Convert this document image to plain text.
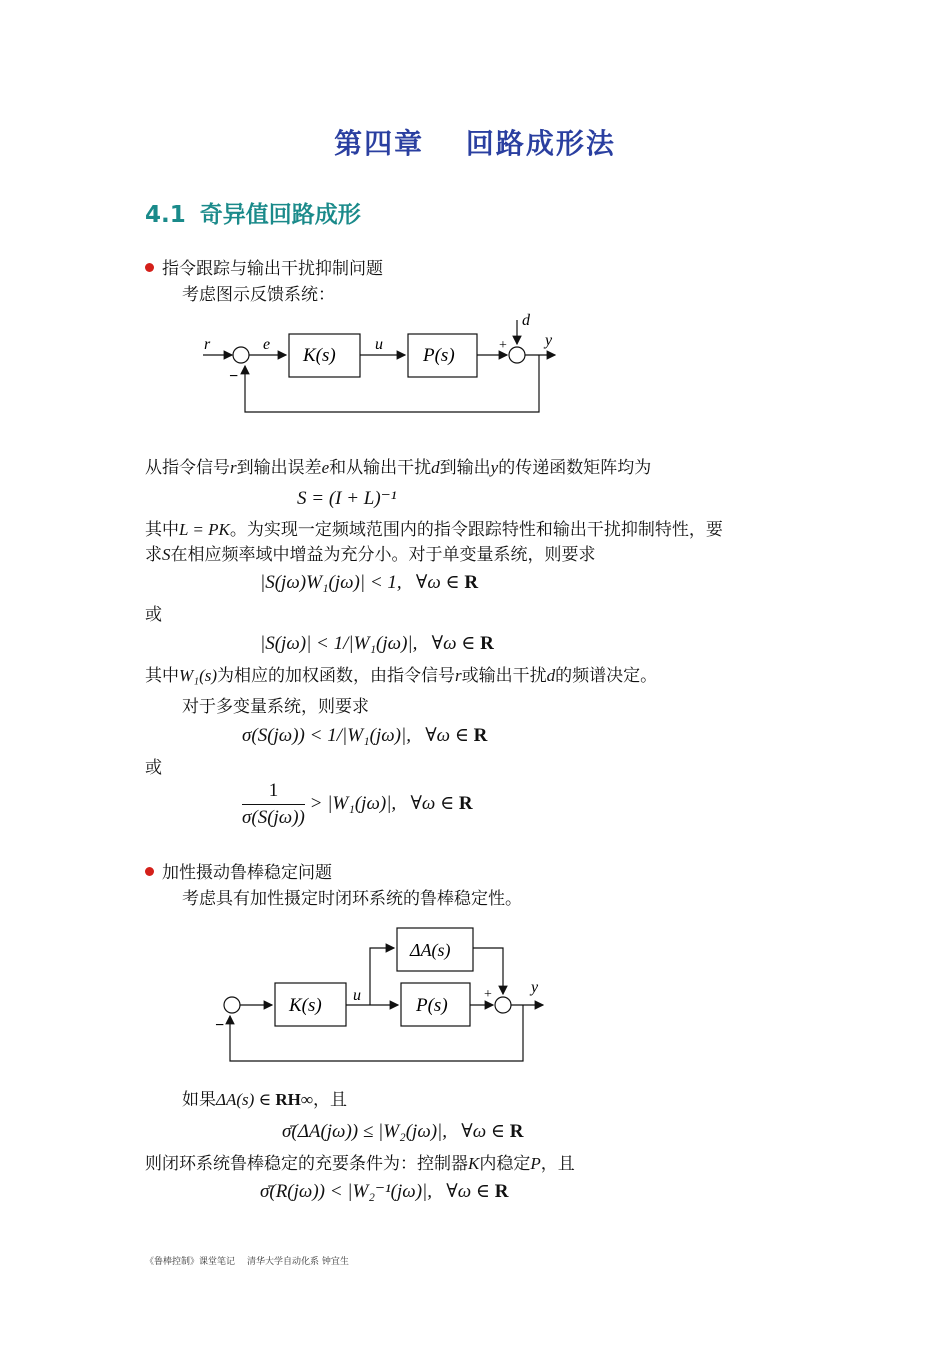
第四章　 回路成形法
4.1 奇异值回路成形
指令跟踪与输出干扰抑制问题
考虑图示反馈系统：
r	e
K(s)
u
P(s)
d
y
+
−
从指令信号r到输出误差e和从输出干扰d到输出y的传递函数矩阵均为
S = (I + L)⁻¹
其中L = PK。为实现一定频域范围内的指令跟踪特性和输出干扰抑制特性，要
求S在相应频率域中增益为充分小。对于单变量系统，则要求
|S(jω)W₁(jω)| < 1, ∀ω ∈ R
或
|S(jω)| < 1/|W₁(jω)|, ∀ω ∈ R
其中W₁(s)为相应的加权函数，由指令信号r或输出干扰d的频谱决定。
对于多变量系统，则要求
σ(S(jω)) < 1/|W₁(jω)|, ∀ω ∈ R
或
$\frac{1}{\sigma(S(j\omega))} > |W_1(j\omega)|$, ∀ω ∈ R
加性摄动鲁棒稳定问题
考虑具有加性摄定时闭环系统的鲁棒稳定性。
ΔA(s)
K(s) u	P(s)
y
+
−
如果ΔA(s) ∈ RH∞，且
σ̄(ΔA(jω)) ≤ |W₂(jω)|, ∀ω ∈ R
则闭环系统鲁棒稳定的充要条件为：控制器K内稳定P，且
σ̄(R(jω)) < |W₂⁻¹(jω)|, ∀ω ∈ R
《鲁棒控制》课堂笔记 清华大学自动化系 钟宜生
